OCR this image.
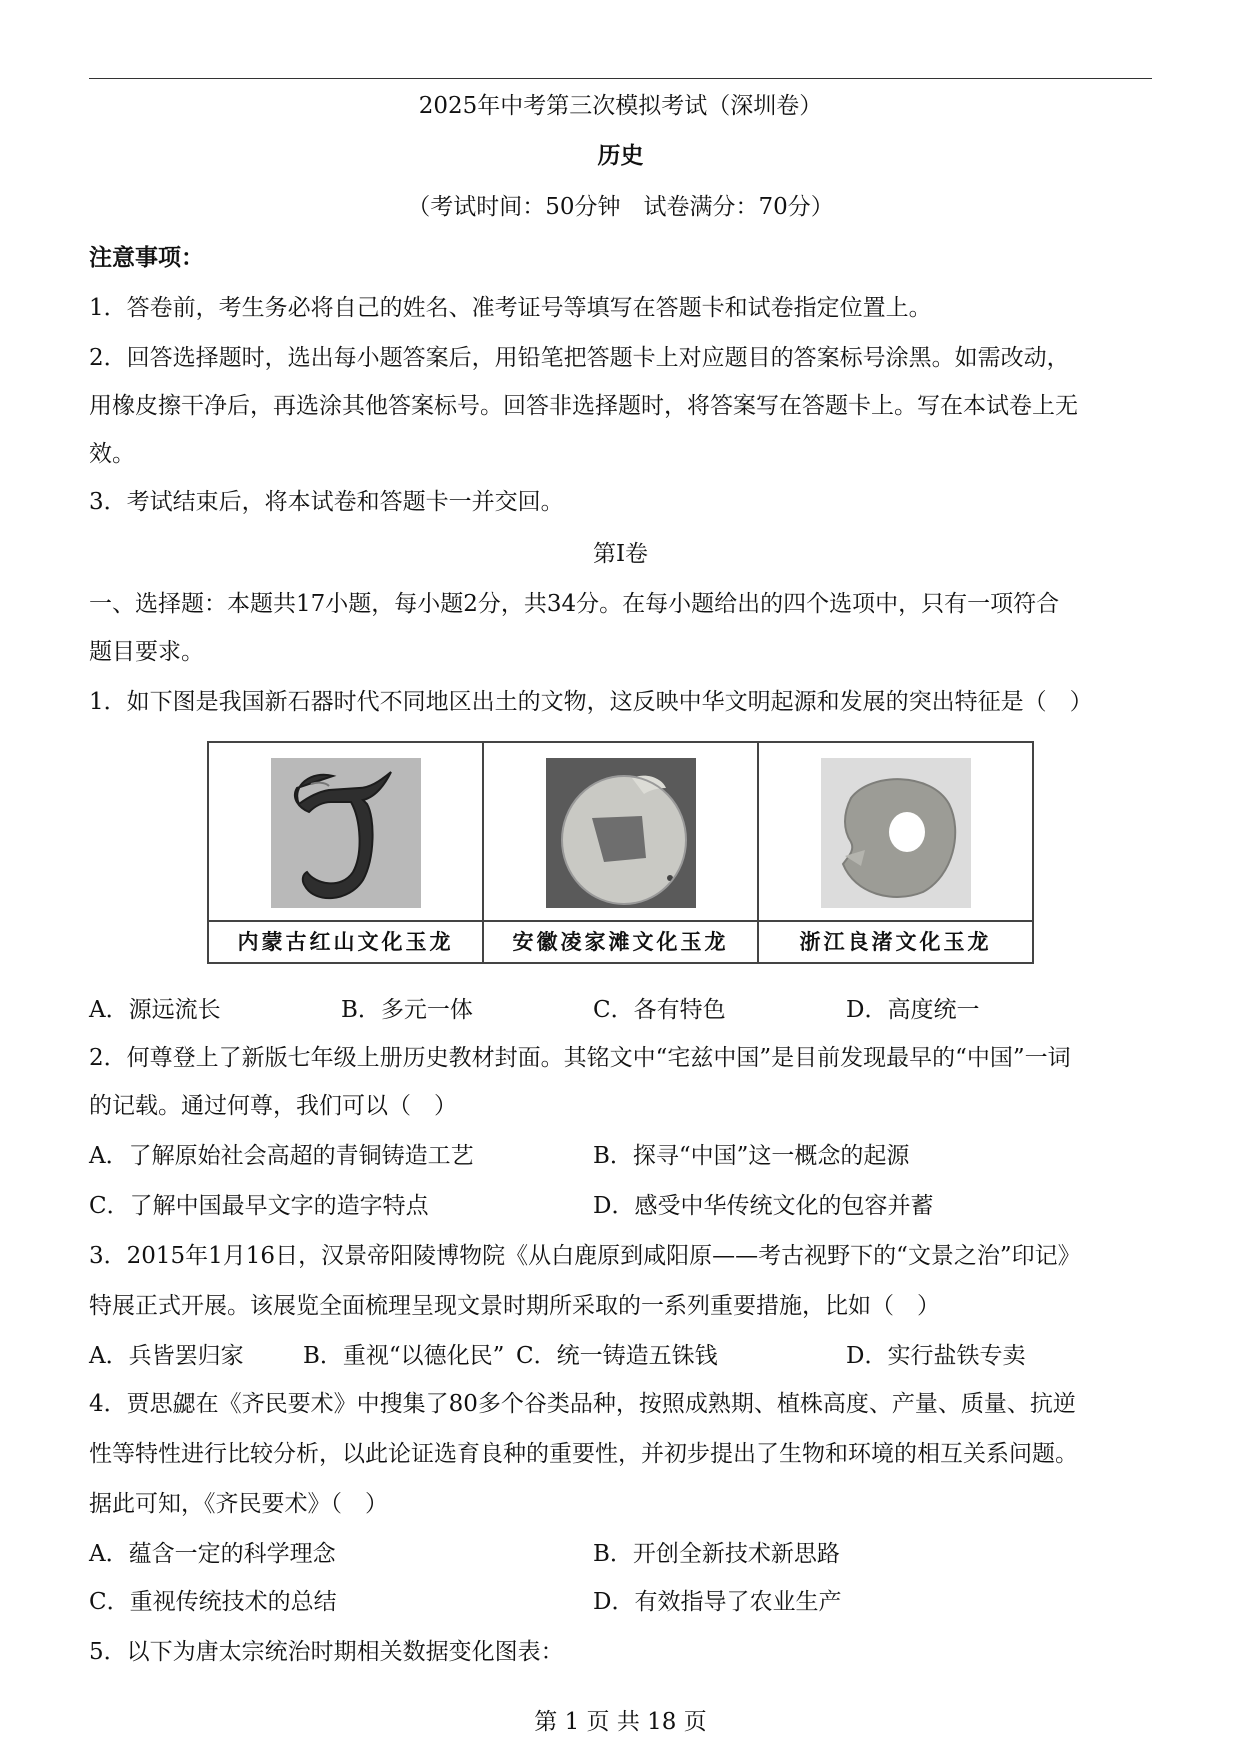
2025年中考第三次模拟考试（深圳卷）
历史
（考试时间：50分钟　试卷满分：70分）
注意事项：
1．答卷前，考生务必将自己的姓名、准考证号等填写在答题卡和试卷指定位置上。
2．回答选择题时，选出每小题答案后，用铅笔把答题卡上对应题目的答案标号涂黑。如需改动，
用橡皮擦干净后，再选涂其他答案标号。回答非选择题时，将答案写在答题卡上。写在本试卷上无
效。
3．考试结束后，将本试卷和答题卡一并交回。
第I卷
一、选择题：本题共17小题，每小题2分，共34分。在每小题给出的四个选项中，只有一项符合
题目要求。
1．如下图是我国新石器时代不同地区出土的文物，这反映中华文明起源和发展的突出特征是（　）
内蒙古红山文化玉龙	安徽凌家滩文化玉龙	浙江良渚文化玉龙
A．源远流长	B．多元一体	C．各有特色	D．高度统一
2．何尊登上了新版七年级上册历史教材封面。其铭文中“宅兹中国”是目前发现最早的“中国”一词
的记载。通过何尊，我们可以（　）
A．了解原始社会高超的青铜铸造工艺	B．探寻“中国”这一概念的起源
C．了解中国最早文字的造字特点	D．感受中华传统文化的包容并蓄
3．2015年1月16日，汉景帝阳陵博物院《从白鹿原到咸阳原——考古视野下的“文景之治”印记》
特展正式开展。该展览全面梳理呈现文景时期所采取的一系列重要措施，比如（　）
A．兵皆罢归家	B．重视“以德化民” C．统一铸造五铢钱	D．实行盐铁专卖
4．贾思勰在《齐民要术》中搜集了80多个谷类品种，按照成熟期、植株高度、产量、质量、抗逆
性等特性进行比较分析，以此论证选育良种的重要性，并初步提出了生物和环境的相互关系问题。
据此可知，《齐民要术》（　）
A．蕴含一定的科学理念	B．开创全新技术新思路
C．重视传统技术的总结	D．有效指导了农业生产
5．以下为唐太宗统治时期相关数据变化图表：
第 1 页 共 18 页
